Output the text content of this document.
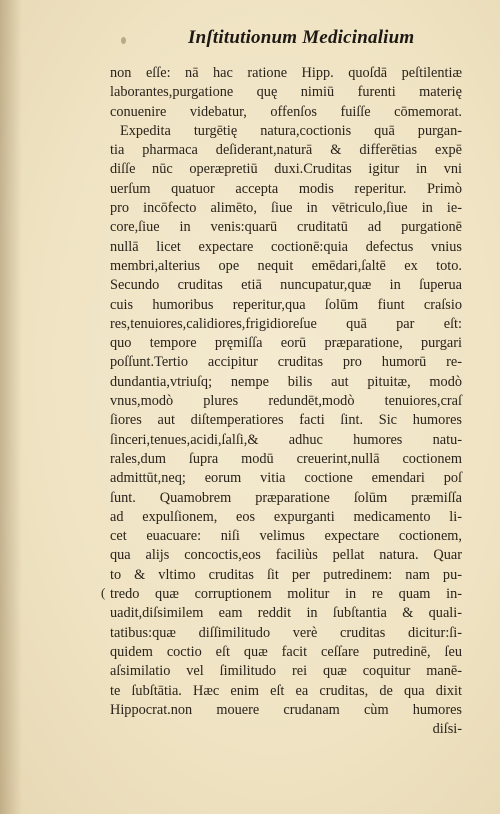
Inſtitutionum Medicinalium
non eſſe: nā hac ratione Hipp. quoſdā peſtilentiæ
laborantes,purgatione quę nimiū furenti materię
conuenire videbatur, offenſos fuiſſe cōmemorat.
Expedita turgētię natura,coctionis quā purgan-
tia pharmaca deſiderant,naturā & differētias expē
diſſe nūc operæpretiū duxi.Cruditas igitur in vni
uerſum quatuor accepta modis reperitur. Primò
pro incōfecto alimēto, ſiue in vētriculo,ſiue in ie-
core,ſiue in venis:quarū cruditatū ad purgationē
nullā licet expectare coctionē:quia defectus vnius
membri,alterius ope nequit emēdari,ſaltē ex toto.
Secundo cruditas etiā nuncupatur,quæ in ſuperua
cuis humoribus reperitur,qua ſolūm fiunt craſsio
res,tenuiores,calidiores,frigidioreſue quā par eſt:
quo tempore pręmiſſa eorū præparatione, purgari
poſſunt.Tertio accipitur cruditas pro humorū re-
dundantia,vtriuſq; nempe bilis aut pituitæ, modò
vnus,modò plures redundēt,modò tenuiores,craſ
ſiores aut diſtemperatiores facti ſint. Sic humores
ſinceri,tenues,acidi,ſalſi,& adhuc humores natu-
rales,dum ſupra modū creuerint,nullā coctionem
admittūt,neq; eorum vitia coctione emendari poſ
ſunt. Quamobrem præparatione ſolūm præmiſſa
ad expulſionem, eos expurganti medicamento li-
cet euacuare: niſi velimus expectare coctionem,
qua alijs concoctis,eos faciliùs pellat natura. Quar
to & vltimo cruditas ſit per putredinem: nam pu-
tredo quæ corruptionem molitur in re quam in-
uadit,diſsimilem eam reddit in ſubſtantia & quali-
tatibus:quæ diſſimilitudo verè cruditas dicitur:ſi-
quidem coctio eſt quæ facit ceſſare putredinē, ſeu
aſsimilatio vel ſimilitudo rei quæ coquitur manē-
te ſubſtātia. Hæc enim eſt ea cruditas, de qua dixit
Hippocrat.non mouere crudanam cùm humores
diſsi-
(
